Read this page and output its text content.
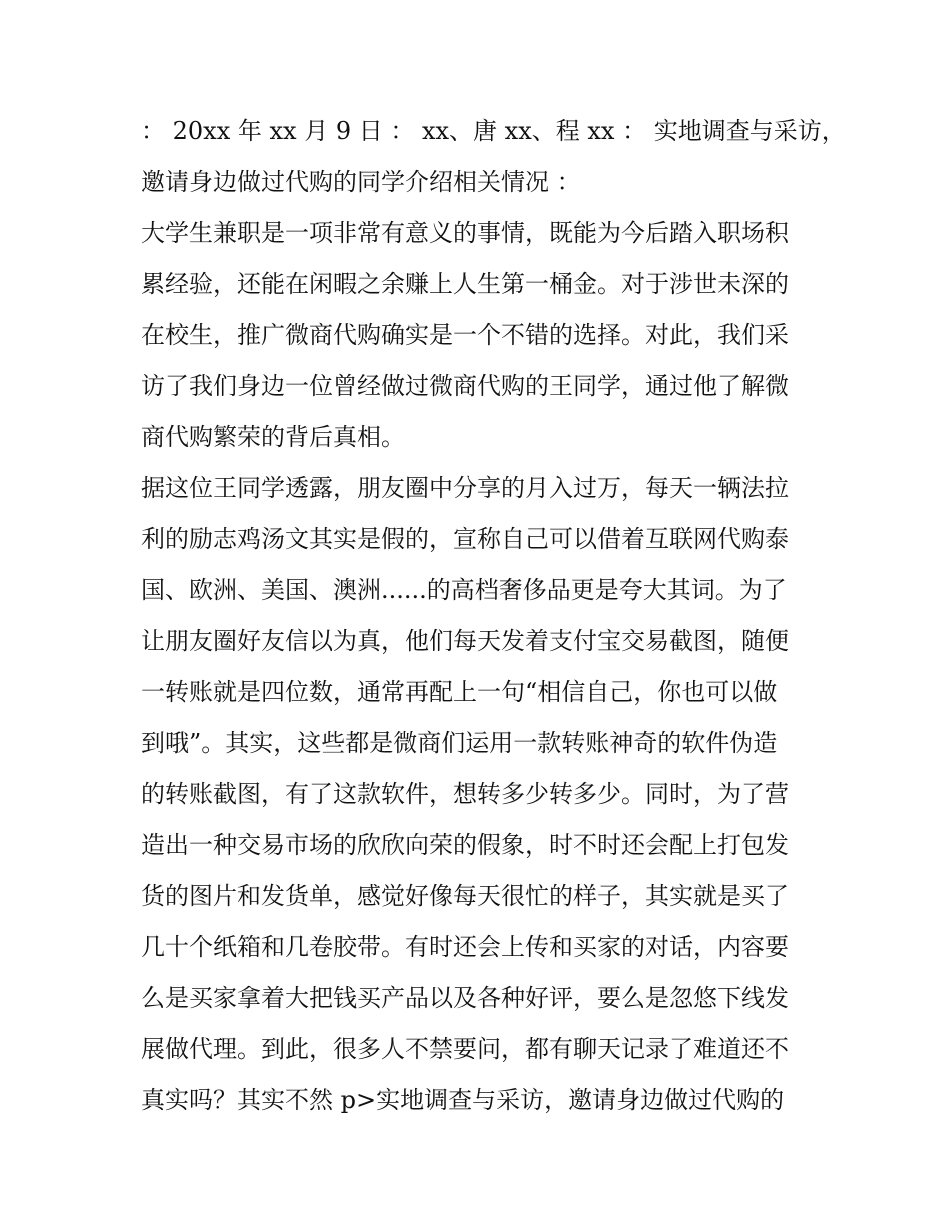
： 20xx 年 xx 月 9 日 ： xx、唐 xx、程 xx ： 实地调查与采访，
邀请身边做过代购的同学介绍相关情况 ：
大学生兼职是一项非常有意义的事情，既能为今后踏入职场积
累经验，还能在闲暇之余赚上人生第一桶金。对于涉世未深的
在校生，推广微商代购确实是一个不错的选择。对此，我们采
访了我们身边一位曾经做过微商代购的王同学，通过他了解微
商代购繁荣的背后真相。
据这位王同学透露，朋友圈中分享的月入过万，每天一辆法拉
利的励志鸡汤文其实是假的，宣称自己可以借着互联网代购泰
国、欧洲、美国、澳洲......的高档奢侈品更是夸大其词。为了
让朋友圈好友信以为真，他们每天发着支付宝交易截图，随便
一转账就是四位数，通常再配上一句“相信自己，你也可以做
到哦”。其实，这些都是微商们运用一款转账神奇的软件伪造
的转账截图，有了这款软件，想转多少转多少。同时，为了营
造出一种交易市场的欣欣向荣的假象，时不时还会配上打包发
货的图片和发货单，感觉好像每天很忙的样子，其实就是买了
几十个纸箱和几卷胶带。有时还会上传和买家的对话，内容要
么是买家拿着大把钱买产品以及各种好评，要么是忽悠下线发
展做代理。到此，很多人不禁要问，都有聊天记录了难道还不
真实吗？其实不然 p>实地调查与采访，邀请身边做过代购的
